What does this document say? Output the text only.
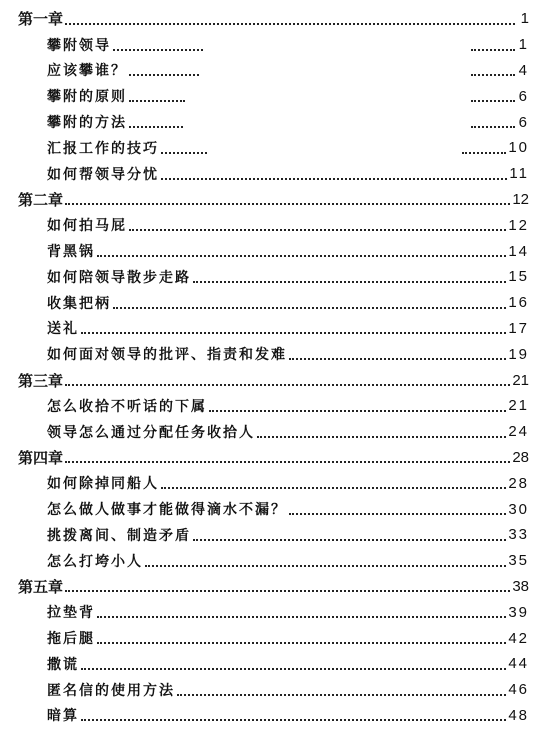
第一章	1
攀附领导	1
应该攀谁？	4
攀附的原则	6
攀附的方法	6
汇报工作的技巧	10
如何帮领导分忧	11
第二章	12
如何拍马屁	12
背黑锅	14
如何陪领导散步走路	15
收集把柄	16
送礼	17
如何面对领导的批评、指责和发难	19
第三章	21
怎么收拾不听话的下属	21
领导怎么通过分配任务收拾人	24
第四章	28
如何除掉同船人	28
怎么做人做事才能做得滴水不漏？	30
挑拨离间、制造矛盾	33
怎么打垮小人	35
第五章	38
拉垫背	39
拖后腿	42
撒谎	44
匿名信的使用方法	46
暗算	48
